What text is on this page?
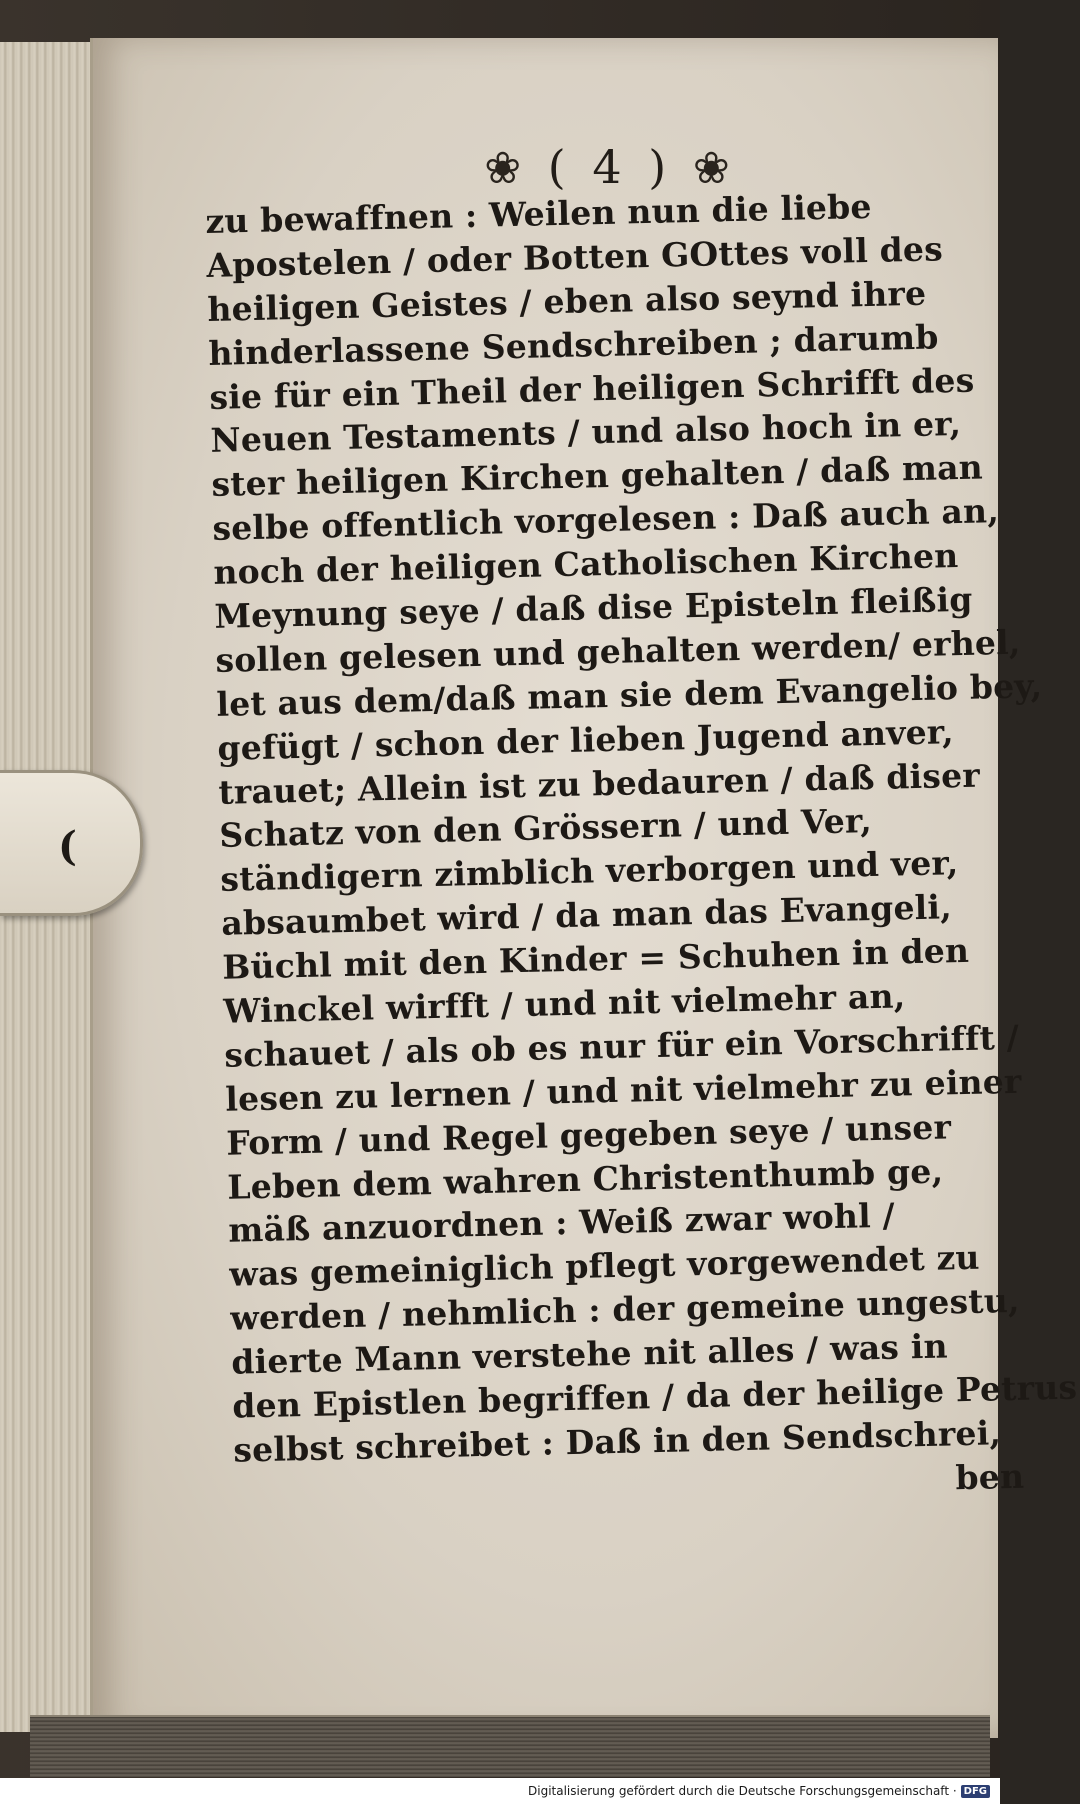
(
❀ ( 4 ) ❀
zu bewaffnen : Weilen nun die liebe
Apostelen / oder Botten GOttes voll des
heiligen Geistes / eben also seynd ihre
hinderlassene Sendschreiben ; darumb
sie für ein Theil der heiligen Schrifft des
Neuen Testaments / und also hoch in er,
ster heiligen Kirchen gehalten / daß man
selbe offentlich vorgelesen : Daß auch an,
noch der heiligen Catholischen Kirchen
Meynung seye / daß dise Episteln fleißig
sollen gelesen und gehalten werden/ erhel,
let aus dem/daß man sie dem Evangelio bey,
gefügt / schon der lieben Jugend anver,
trauet; Allein ist zu bedauren / daß diser
Schatz von den Grössern / und Ver,
ständigern zimblich verborgen und ver,
absaumbet wird / da man das Evangeli,
Büchl mit den Kinder = Schuhen in den
Winckel wirfft / und nit vielmehr an,
schauet / als ob es nur für ein Vorschrifft /
lesen zu lernen / und nit vielmehr zu einer
Form / und Regel gegeben seye / unser
Leben dem wahren Christenthumb ge,
mäß anzuordnen : Weiß zwar wohl /
was gemeiniglich pflegt vorgewendet zu
werden / nehmlich : der gemeine ungestu,
dierte Mann verstehe nit alles / was in
den Epistlen begriffen / da der heilige Petrus
selbst schreibet : Daß in den Sendschrei,
ben
Digitalisierung gefördert durch die Deutsche Forschungsgemeinschaft · DFG
